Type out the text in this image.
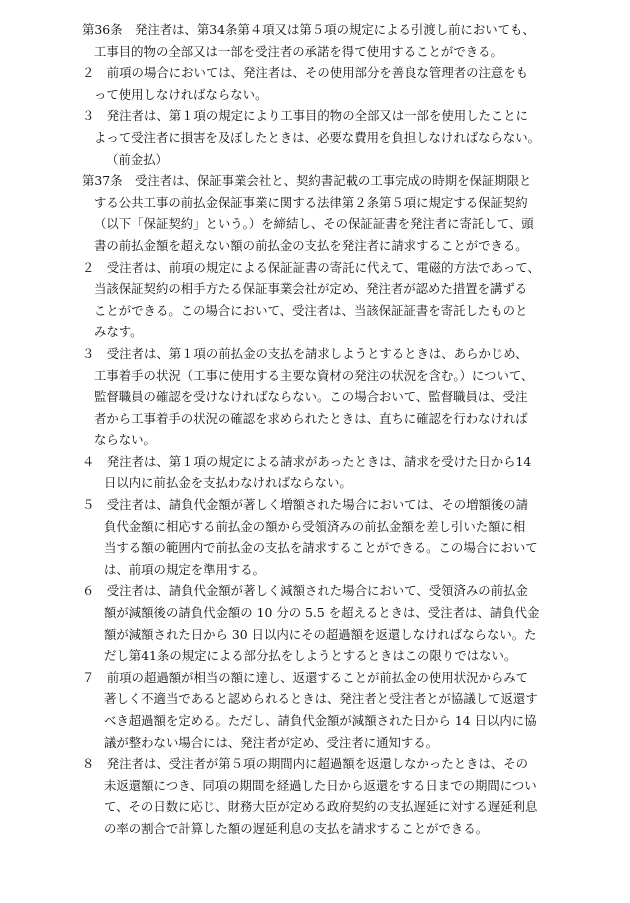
第36条　発注者は、第34条第４項又は第５項の規定による引渡し前においても、
工事目的物の全部又は一部を受注者の承諾を得て使用することができる。
２　前項の場合においては、発注者は、その使用部分を善良な管理者の注意をも
って使用しなければならない。
３　発注者は、第１項の規定により工事目的物の全部又は一部を使用したことに
よって受注者に損害を及ぼしたときは、必要な費用を負担しなければならない。
（前金払）
第37条　受注者は、保証事業会社と、契約書記載の工事完成の時期を保証期限と
する公共工事の前払金保証事業に関する法律第２条第５項に規定する保証契約
（以下「保証契約」という。）を締結し、その保証証書を発注者に寄託して、頭
書の前払金額を超えない額の前払金の支払を発注者に請求することができる。
２　受注者は、前項の規定による保証証書の寄託に代えて、電磁的方法であって、
当該保証契約の相手方たる保証事業会社が定め、発注者が認めた措置を講ずる
ことができる。この場合において、受注者は、当該保証証書を寄託したものと
みなす。
３　受注者は、第１項の前払金の支払を請求しようとするときは、あらかじめ、
工事着手の状況（工事に使用する主要な資材の発注の状況を含む。）について、
監督職員の確認を受けなければならない。この場合おいて、監督職員は、受注
者から工事着手の状況の確認を求められたときは、直ちに確認を行わなければ
ならない。
４　発注者は、第１項の規定による請求があったときは、請求を受けた日から14
日以内に前払金を支払わなければならない。
５　受注者は、請負代金額が著しく増額された場合においては、その増額後の請
負代金額に相応する前払金の額から受領済みの前払金額を差し引いた額に相
当する額の範囲内で前払金の支払を請求することができる。この場合において
は、前項の規定を準用する。
６　受注者は、請負代金額が著しく減額された場合において、受領済みの前払金
額が減額後の請負代金額の 10 分の 5.5 を超えるときは、受注者は、請負代金
額が減額された日から 30 日以内にその超過額を返還しなければならない。た
だし第41条の規定による部分払をしようとするときはこの限りではない。
７　前項の超過額が相当の額に達し、返還することが前払金の使用状況からみて
著しく不適当であると認められるときは、発注者と受注者とが協議して返還す
べき超過額を定める。ただし、請負代金額が減額された日から 14 日以内に協
議が整わない場合には、発注者が定め、受注者に通知する。
８　発注者は、受注者が第５項の期間内に超過額を返還しなかったときは、その
未返還額につき、同項の期間を経過した日から返還をする日までの期間につい
て、その日数に応じ、財務大臣が定める政府契約の支払遅延に対する遅延利息
の率の割合で計算した額の遅延利息の支払を請求することができる。
